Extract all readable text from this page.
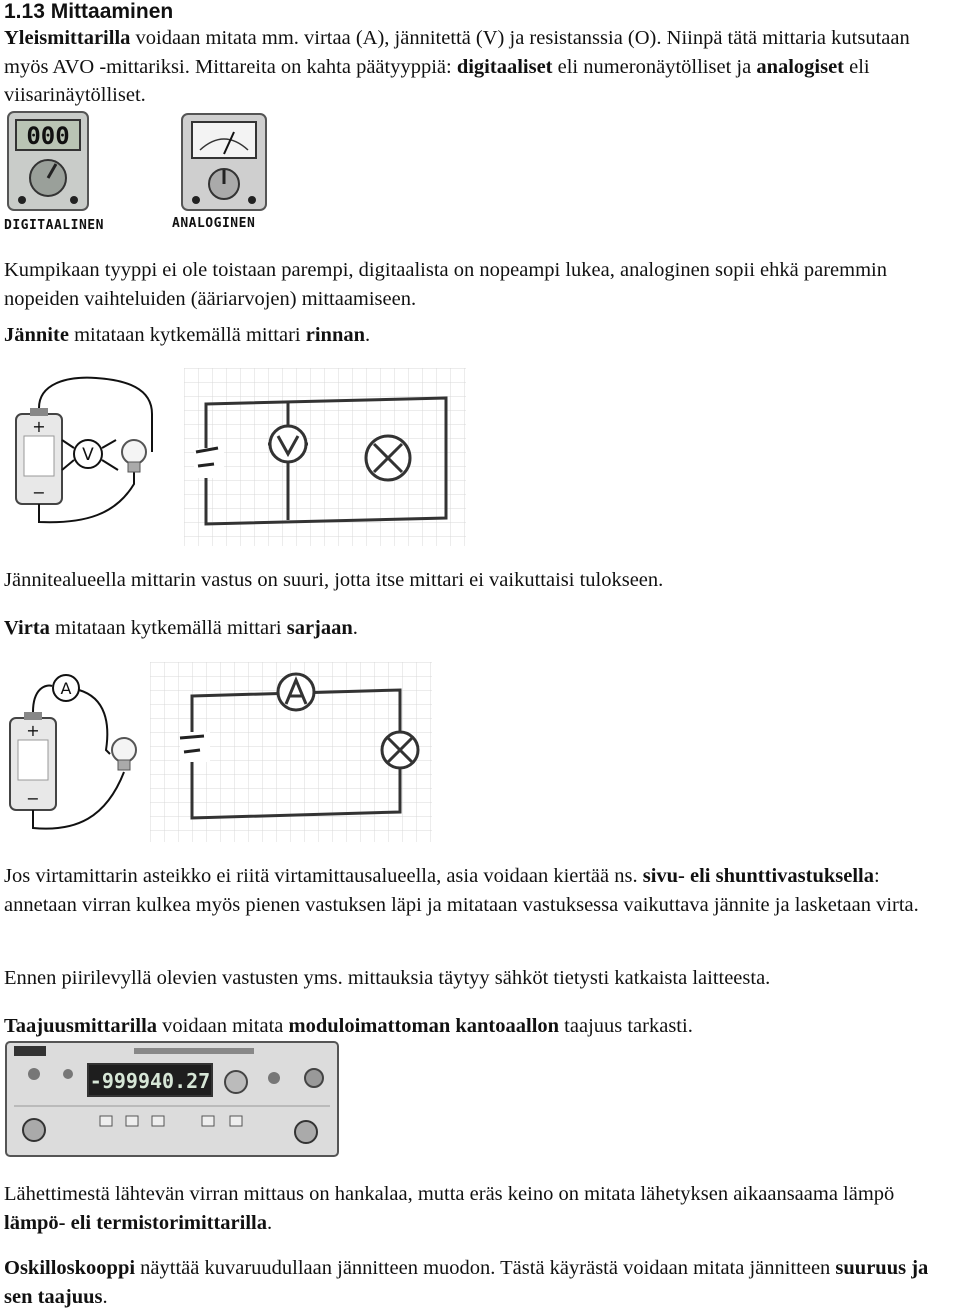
1.13 Mittaaminen

Yleismittarilla voidaan mitata mm. virtaa (A), jännitettä (V) ja resistanssia (O). Niinpä tätä mittaria kutsutaan myös AVO -mittariksi. Mittareita on kahta päätyyppiä: digitaaliset eli numeronäytölliset ja analogiset eli viisarinäytölliset.

000
DIGITAALINEN	ANALOGINEN

Kumpikaan tyyppi ei ole toistaan parempi, digitaalista on nopeampi lukea, analoginen sopii ehkä paremmin nopeiden vaihteluiden (ääriarvojen) mittaamiseen.

Jännite mitataan kytkemällä mittari rinnan.

+
−
V

Jännitealueella mittarin vastus on suuri, jotta itse mittari ei vaikuttaisi tulokseen.

Virta mitataan kytkemällä mittari sarjaan.

+
−
A

Jos virtamittarin asteikko ei riitä virtamittausalueella, asia voidaan kiertää ns. sivu- eli shunttivastuksella: annetaan virran kulkea myös pienen vastuksen läpi ja mitataan vastuksessa vaikuttava jännite ja lasketaan virta.

Ennen piirilevyllä olevien vastusten yms. mittauksia täytyy sähköt tietysti katkaista laitteesta.

Taajuusmittarilla voidaan mitata moduloimattoman kantoaallon taajuus tarkasti.

-999940.27

Lähettimestä lähtevän virran mittaus on hankalaa, mutta eräs keino on mitata lähetyksen aikaansaama lämpö lämpö- eli termistorimittarilla.

Oskilloskooppi näyttää kuvaruudullaan jännitteen muodon. Tästä käyrästä voidaan mitata jännitteen suuruus ja sen taajuus.
